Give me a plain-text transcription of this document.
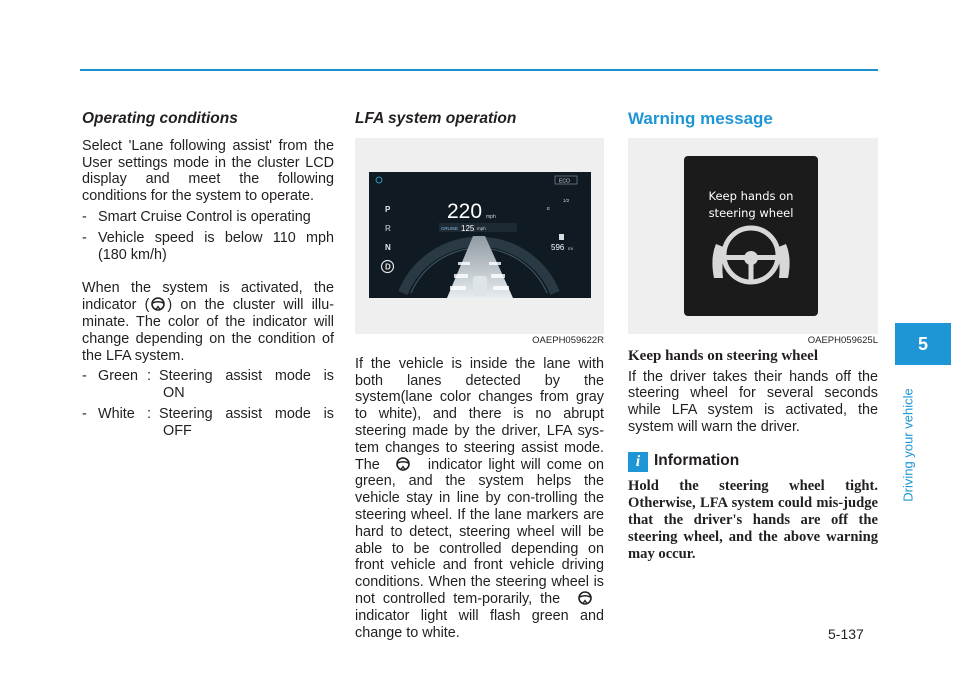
Operating conditions

Select 'Lane following assist' from the User settings mode in the cluster LCD display and meet the following conditions for the system to operate.

- Smart Cruise Control is operating
- Vehicle speed is below 110 mph (180 km/h)

When the system is activated, the indicator ( ) on the cluster will illu-minate. The color of the indicator will change depending on the condition of the LFA system.

- Green : Steering assist mode is
ON
- White : Steering assist mode is
OFF
LFA system operation
P
R
N
D
220 mph
CRUISE 125 mph
ECO
E
1/2
596 mi
OAEPH059622R

If the vehicle is inside the lane with both lanes detected by the system(lane color changes from gray to white), and there is no abrupt steering made by the driver, LFA sys-tem changes to steering assist mode. The	indicator light will come on green, and the system helps the vehicle stay in line by con-trolling the steering wheel. If the lane markers are hard to detect, steering wheel will be able to be controlled depending on front vehicle and front vehicle driving conditions. When the steering wheel is not controlled tem-porarily, the  indicator light will flash green and change to white.

Warning message
Keep hands on
steering wheel
OAEPH059625L
Keep hands on steering wheel

If the driver takes their hands off the steering wheel for several seconds while LFA system is activated, the system will warn the driver.

i Information

Hold the steering wheel tight. Otherwise, LFA system could mis-judge that the driver's hands are off the steering wheel, and the above warning may occur.

5
Driving your vehicle
5-137
